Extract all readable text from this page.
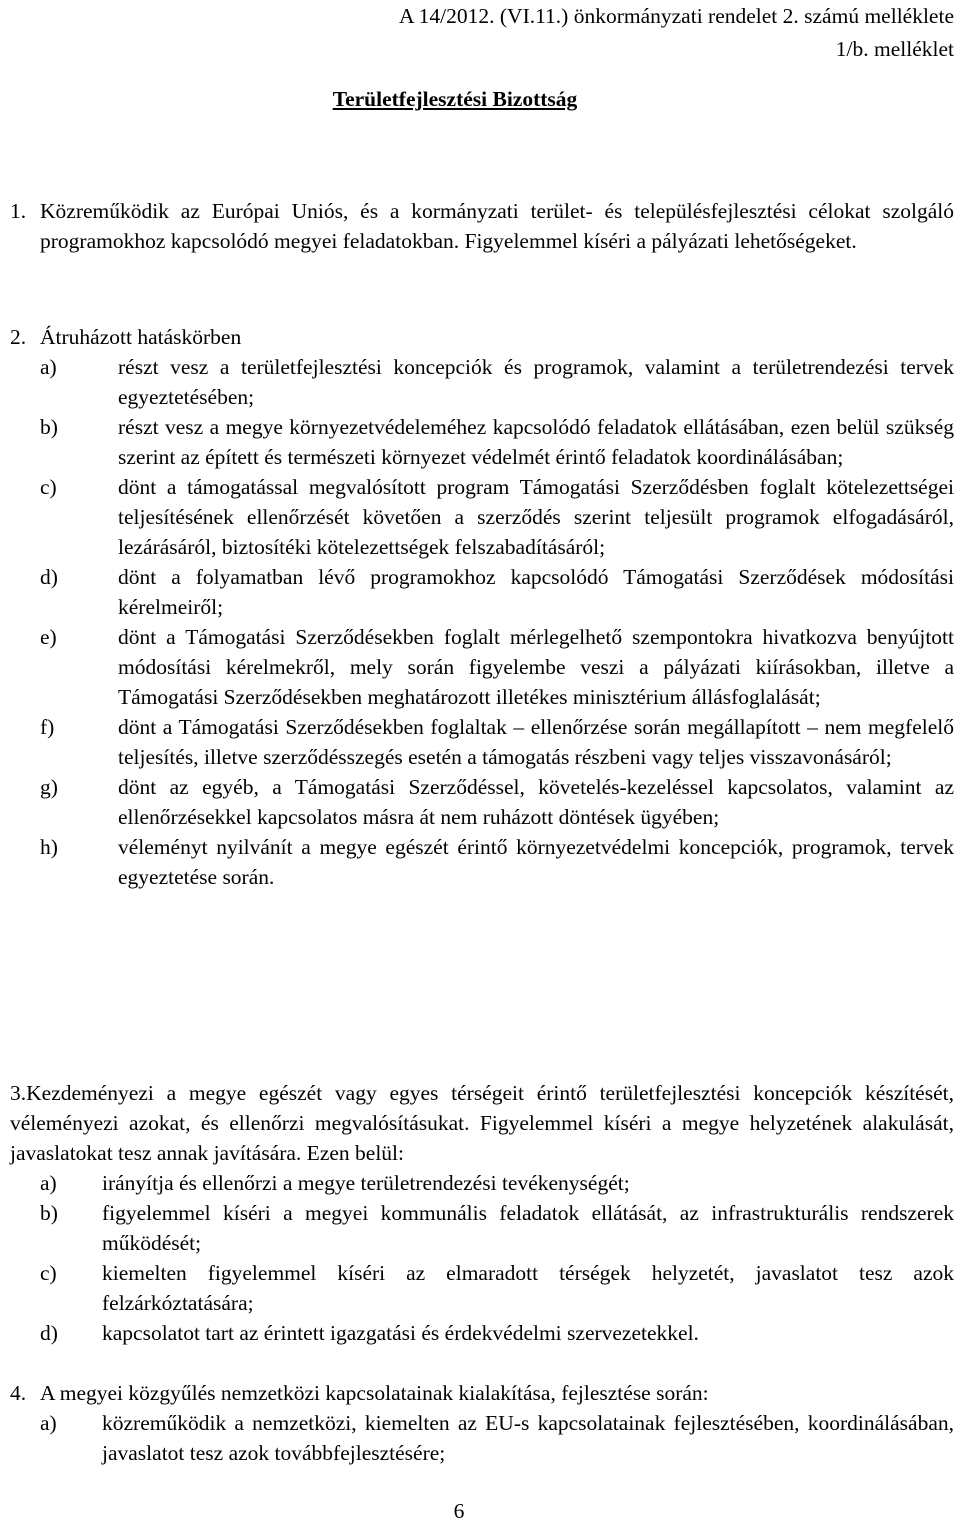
A 14/2012. (VI.11.) önkormányzati rendelet 2. számú melléklete
1/b. melléklet
Területfejlesztési Bizottság
1. Közreműködik az Európai Uniós, és a kormányzati terület- és településfejlesztési célokat szolgáló programokhoz kapcsolódó megyei feladatokban. Figyelemmel kíséri a pályázati lehetőségeket.
2. Átruházott hatáskörben
a)	részt vesz a területfejlesztési koncepciók és programok, valamint a területrendezési tervek egyeztetésében;
b)	részt vesz a megye környezetvédeleméhez kapcsolódó feladatok ellátásában, ezen belül szükség szerint az épített és természeti környezet védelmét érintő feladatok koordinálásában;
c)	dönt a támogatással megvalósított program Támogatási Szerződésben foglalt kötelezettségei teljesítésének ellenőrzését követően a szerződés szerint teljesült programok elfogadásáról, lezárásáról, biztosítéki kötelezettségek felszabadításáról;
d)	dönt a folyamatban lévő programokhoz kapcsolódó Támogatási Szerződések módosítási kérelmeiről;
e)	dönt a Támogatási Szerződésekben foglalt mérlegelhető szempontokra hivatkozva benyújtott módosítási kérelmekről, mely során figyelembe veszi a pályázati kiírásokban, illetve a Támogatási Szerződésekben meghatározott illetékes minisztérium állásfoglalását;
f)	dönt a Támogatási Szerződésekben foglaltak – ellenőrzése során megállapított – nem megfelelő teljesítés, illetve szerződésszegés esetén a támogatás részbeni vagy teljes visszavonásáról;
g)	dönt az egyéb, a Támogatási Szerződéssel, követelés-kezeléssel kapcsolatos, valamint az ellenőrzésekkel kapcsolatos másra át nem ruházott döntések ügyében;
h)	véleményt nyilvánít a megye egészét érintő környezetvédelmi koncepciók, programok, tervek egyeztetése során.
3.Kezdeményezi a megye egészét vagy egyes térségeit érintő területfejlesztési koncepciók készítését, véleményezi azokat, és ellenőrzi megvalósításukat. Figyelemmel kíséri a megye helyzetének alakulását, javaslatokat tesz annak javítására. Ezen belül:
a) irányítja és ellenőrzi a megye területrendezési tevékenységét;
b) figyelemmel kíséri a megyei kommunális feladatok ellátását, az infrastrukturális rendszerek működését;
c) kiemelten figyelemmel kíséri az elmaradott térségek helyzetét, javaslatot tesz azok felzárkóztatására;
d) kapcsolatot tart az érintett igazgatási és érdekvédelmi szervezetekkel.
4. A megyei közgyűlés nemzetközi kapcsolatainak kialakítása, fejlesztése során:
a) közreműködik a nemzetközi, kiemelten az EU-s kapcsolatainak fejlesztésében, koordinálásában, javaslatot tesz azok továbbfejlesztésére;
6
